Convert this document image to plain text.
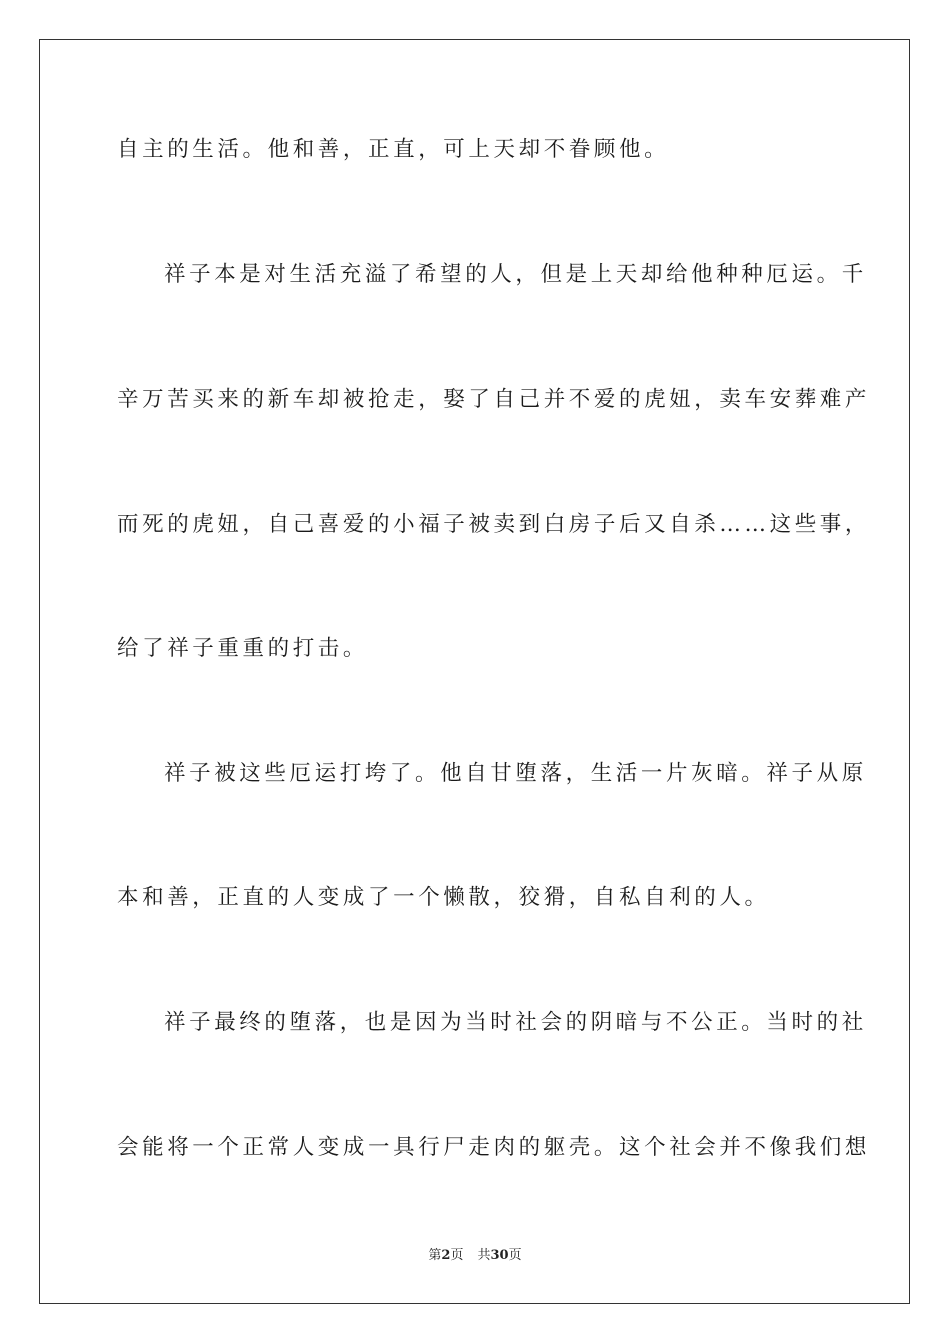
自主的生活。他和善，正直，可上天却不眷顾他。
祥子本是对生活充溢了希望的人，但是上天却给他种种厄运。千
辛万苦买来的新车却被抢走，娶了自己并不爱的虎妞，卖车安葬难产
而死的虎妞，自己喜爱的小福子被卖到白房子后又自杀……这些事，
给了祥子重重的打击。
祥子被这些厄运打垮了。他自甘堕落，生活一片灰暗。祥子从原
本和善，正直的人变成了一个懒散，狡猾，自私自利的人。
祥子最终的堕落，也是因为当时社会的阴暗与不公正。当时的社
会能将一个正常人变成一具行尸走肉的躯壳。这个社会并不像我们想
第2页 共30页
